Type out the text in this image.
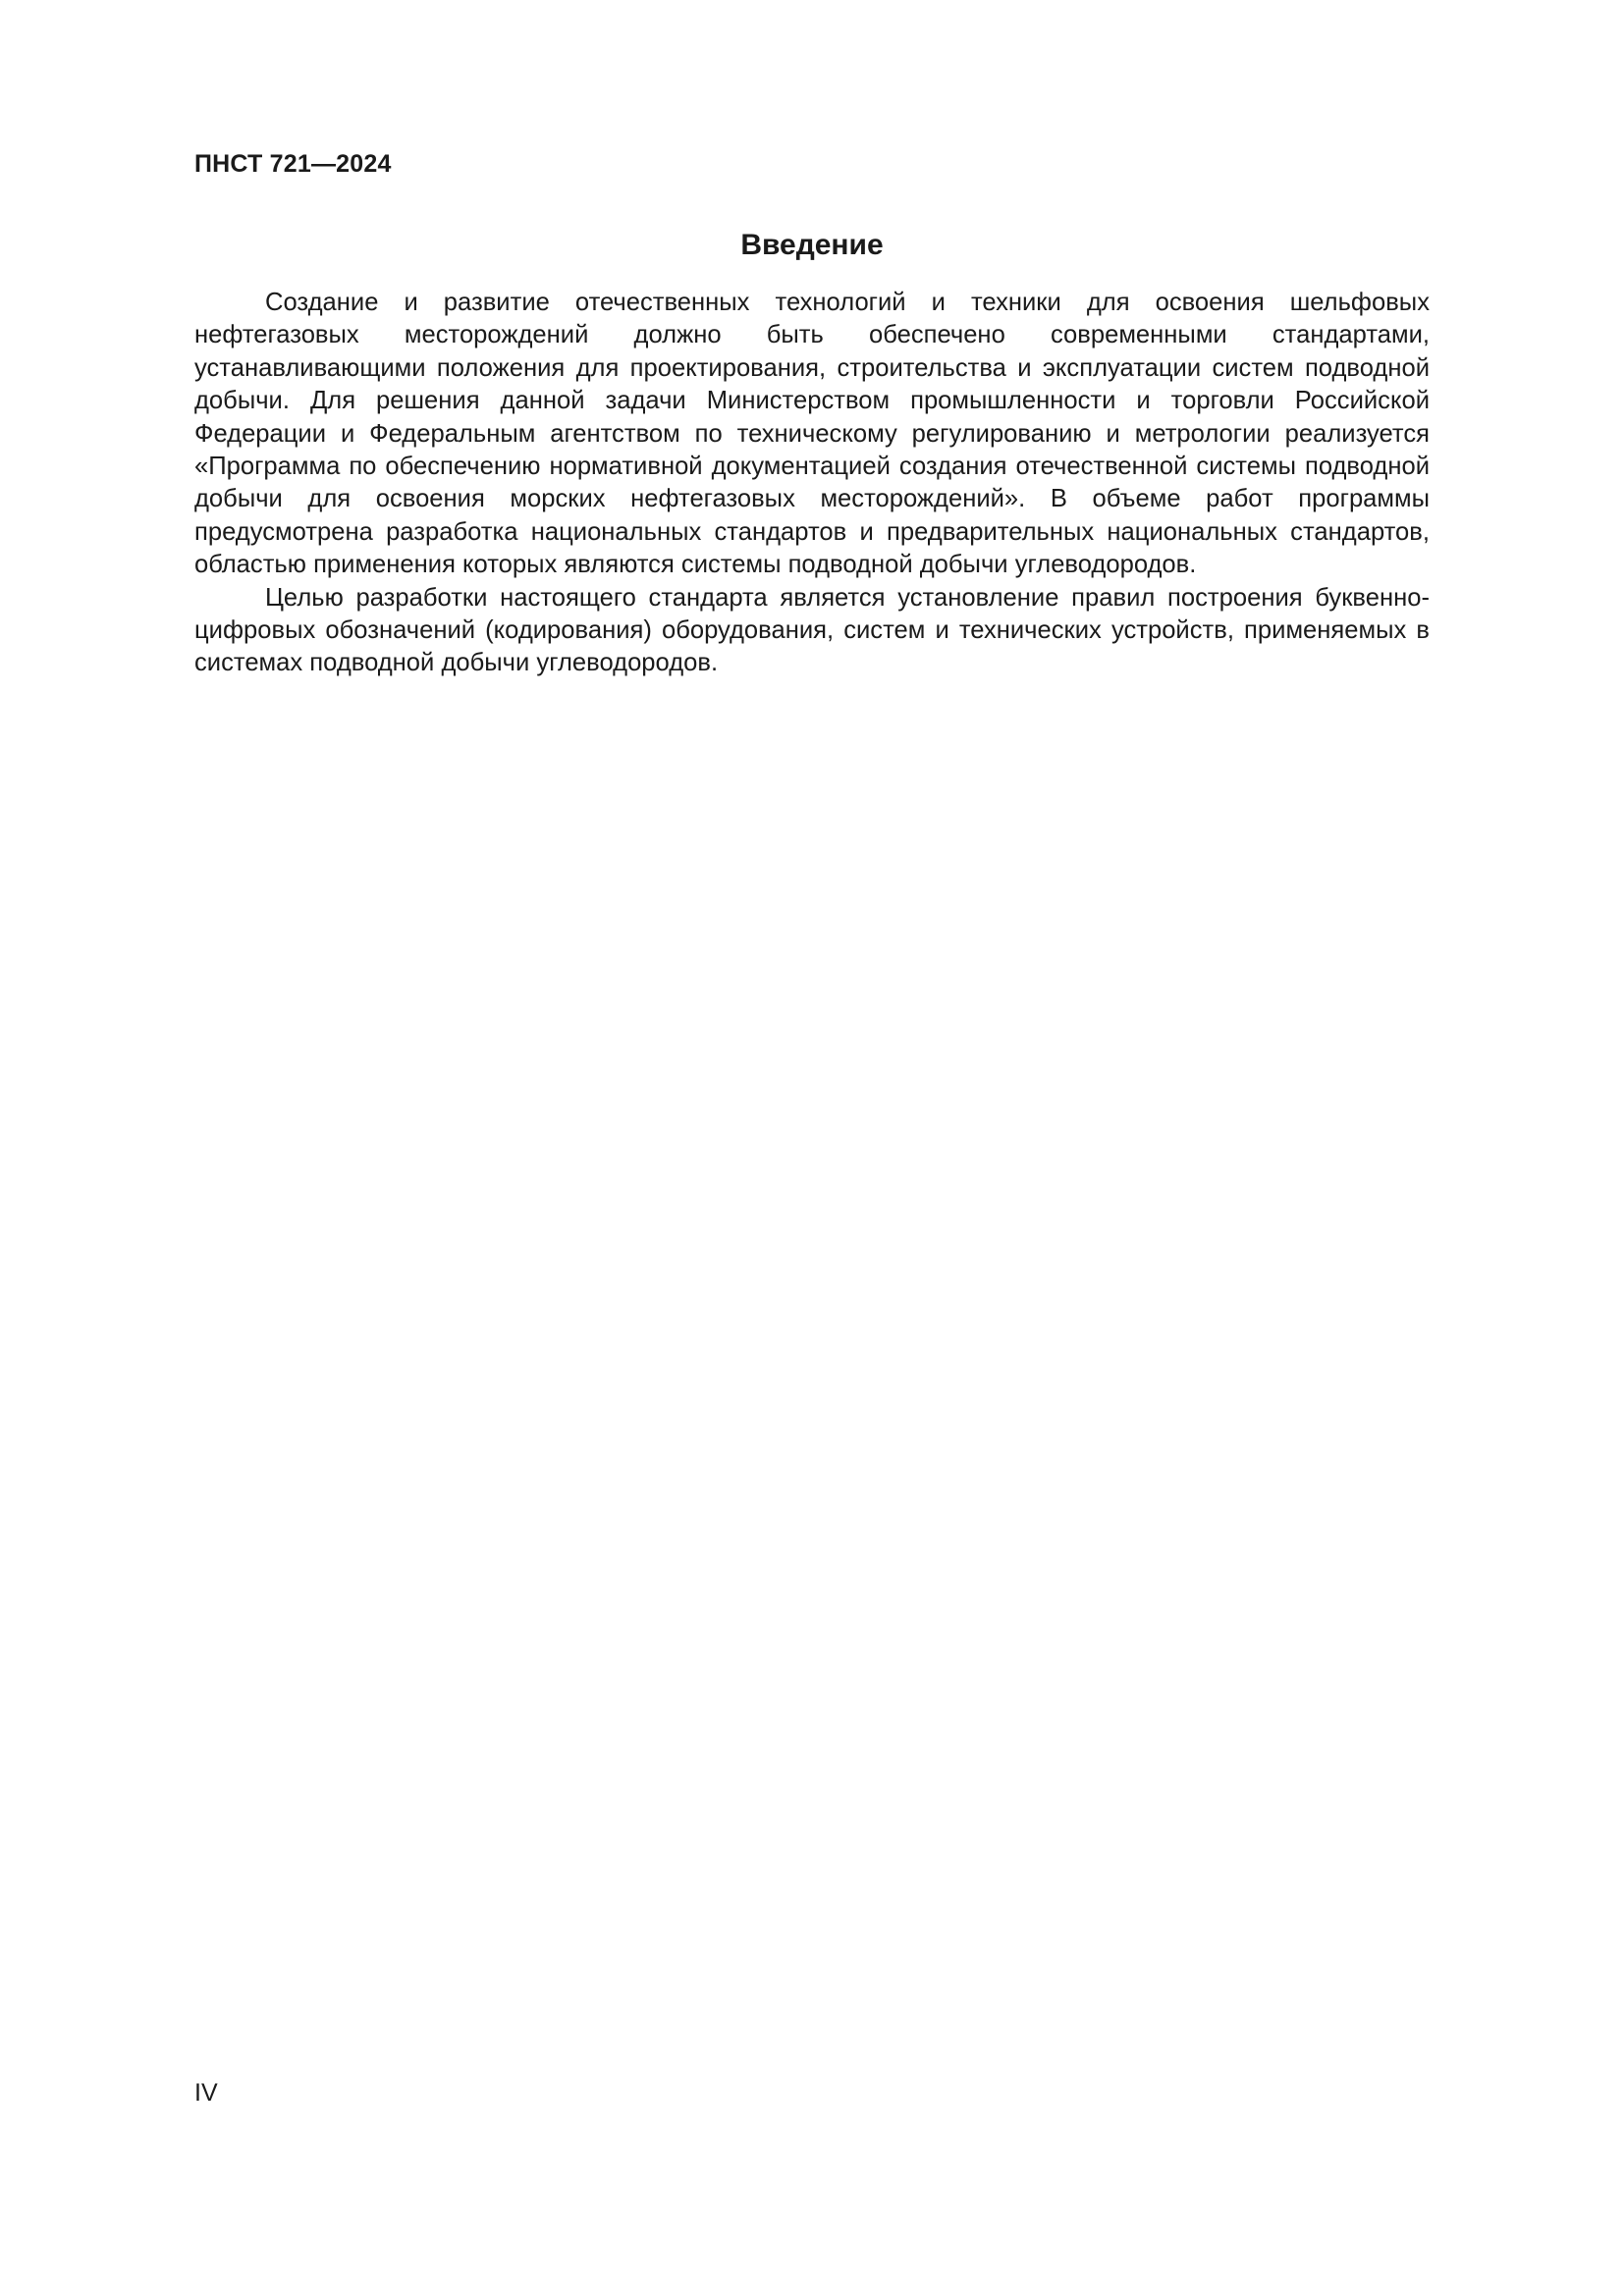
ПНСТ 721—2024
Введение

Создание и развитие отечественных технологий и техники для освоения шельфовых нефтегазовых месторождений должно быть обеспечено современными стандартами, устанавливающими положения для проектирования, строительства и эксплуатации систем подводной добычи. Для решения данной задачи Министерством промышленности и торговли Российской Федерации и Федеральным агентством по техническому регулированию и метрологии реализуется «Программа по обеспечению нормативной документацией создания отечественной системы подводной добычи для освоения морских нефтегазовых месторождений». В объеме работ программы предусмотрена разработка национальных стандартов и предварительных национальных стандартов, областью применения которых являются системы подводной добычи углеводородов.

Целью разработки настоящего стандарта является установление правил построения буквенно-цифровых обозначений (кодирования) оборудования, систем и технических устройств, применяемых в системах подводной добычи углеводородов.

IV
